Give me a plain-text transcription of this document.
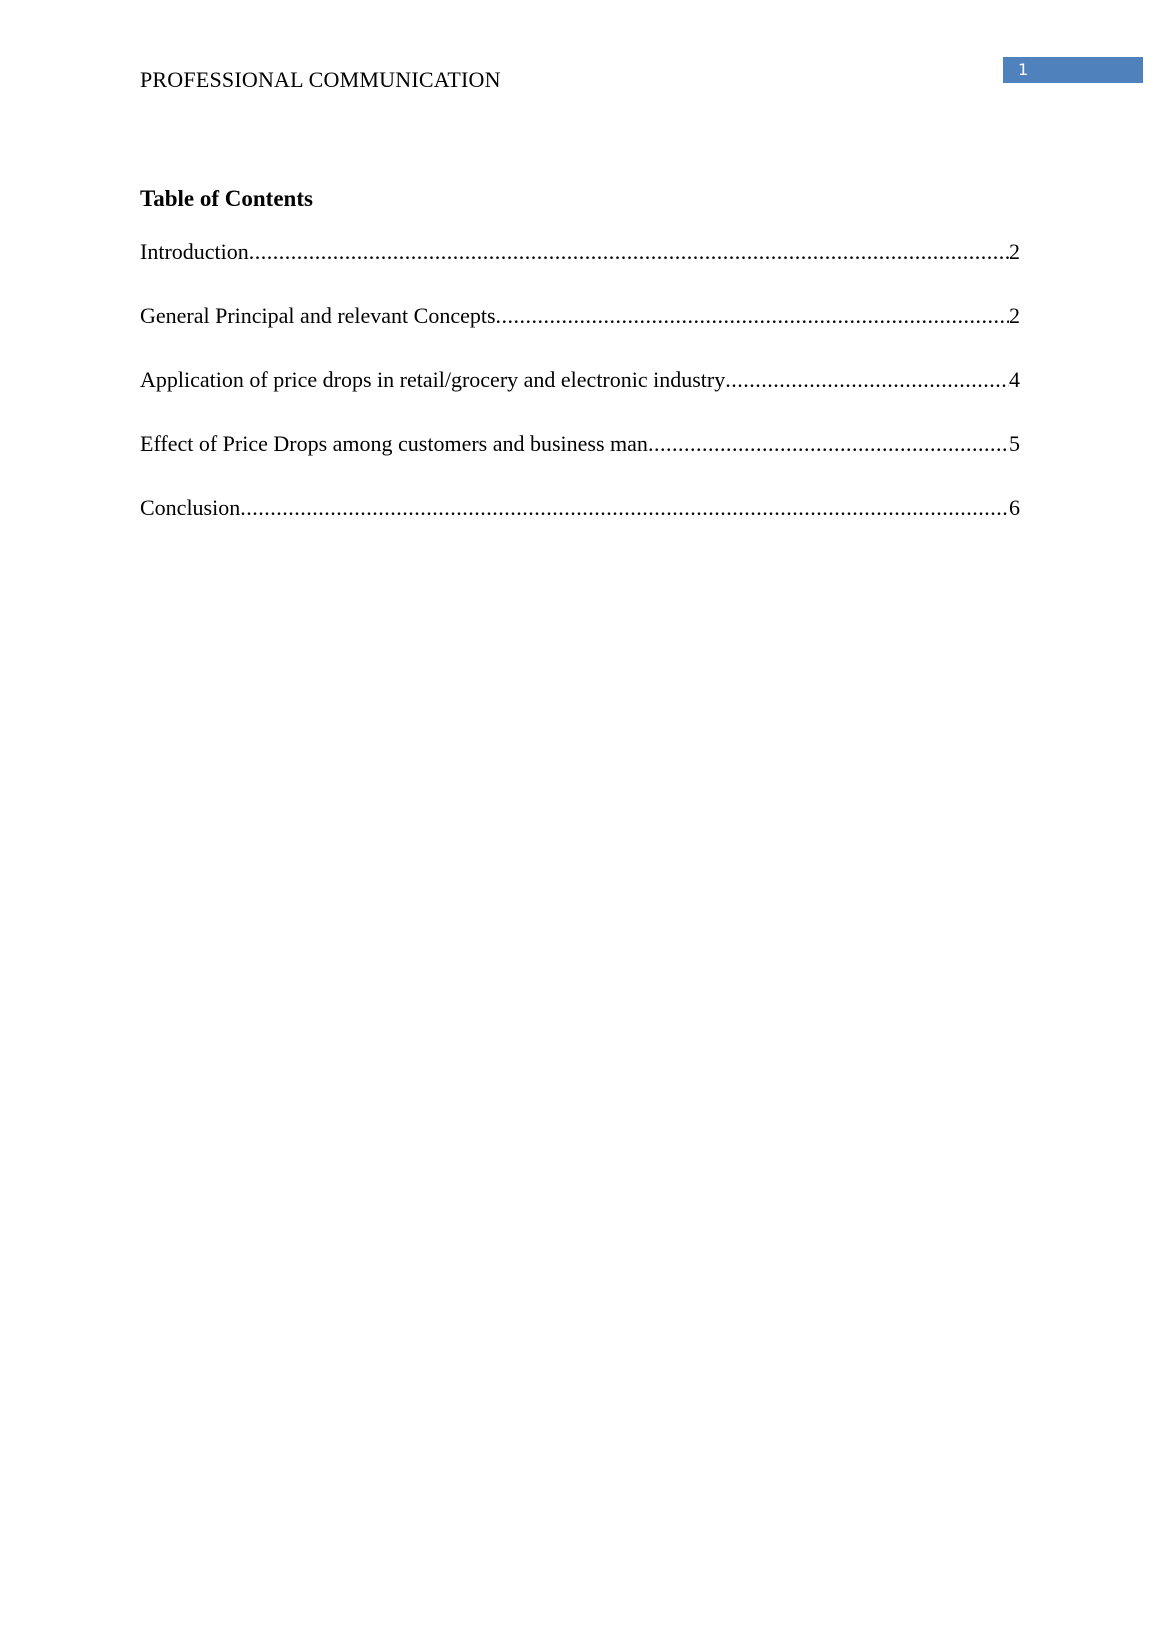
PROFESSIONAL COMMUNICATION	1
Table of Contents
Introduction .....	2
General Principal and relevant Concepts .....	2
Application of price drops in retail/grocery and electronic industry .....	4
Effect of Price Drops among customers and business man .....	5
Conclusion .....	6
